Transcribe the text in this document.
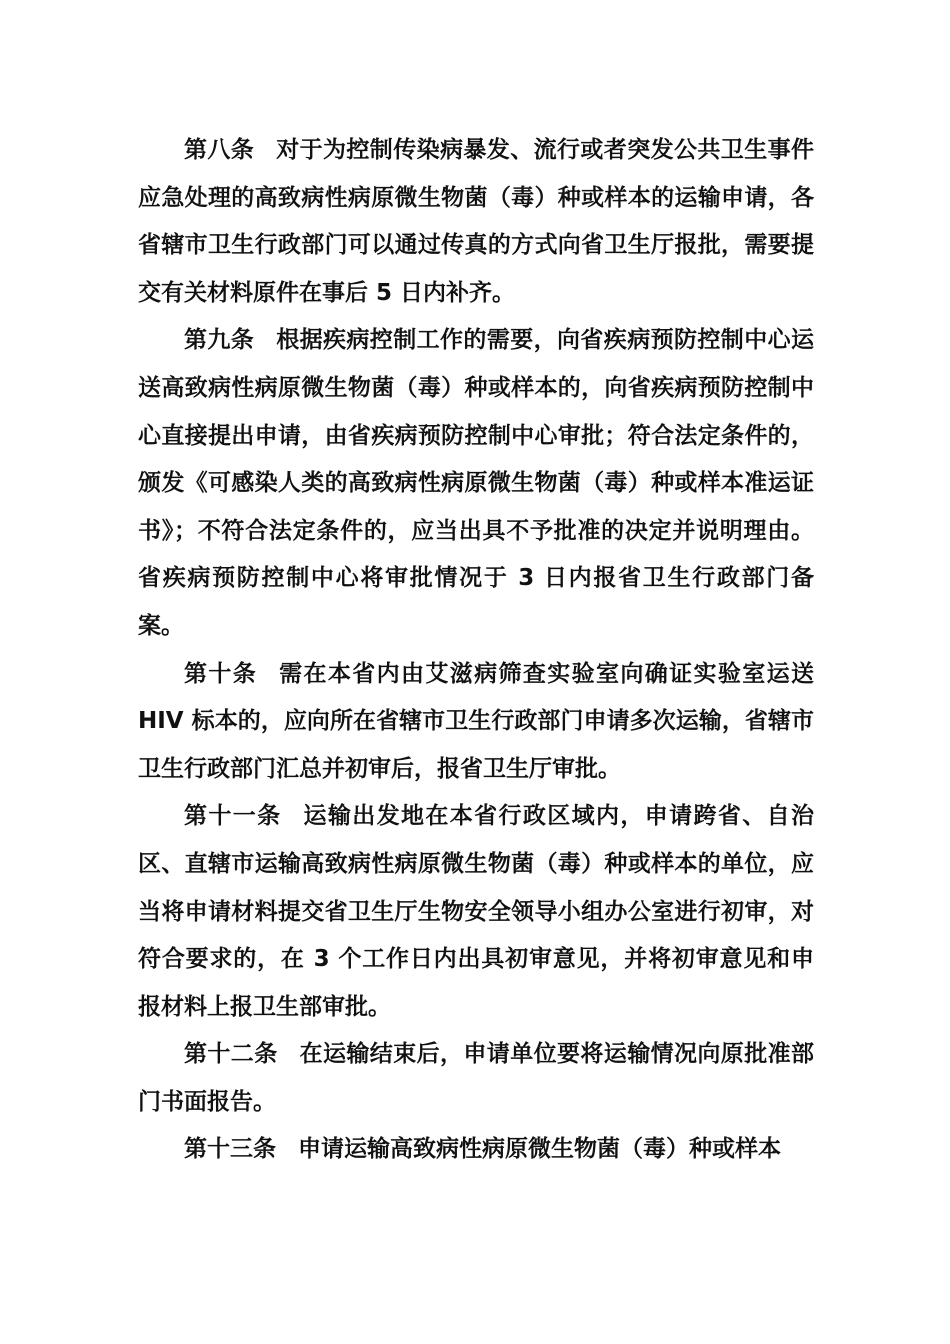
第八条 对于为控制传染病暴发、流行或者突发公共卫生事件应急处理的高致病性病原微生物菌（毒）种或样本的运输申请，各省辖市卫生行政部门可以通过传真的方式向省卫生厅报批，需要提交有关材料原件在事后 5 日内补齐。

第九条 根据疾病控制工作的需要，向省疾病预防控制中心运送高致病性病原微生物菌（毒）种或样本的，向省疾病预防控制中心直接提出申请，由省疾病预防控制中心审批；符合法定条件的，颁发《可感染人类的高致病性病原微生物菌（毒）种或样本准运证书》；不符合法定条件的，应当出具不予批准的决定并说明理由。省疾病预防控制中心将审批情况于 3 日内报省卫生行政部门备案。

第十条 需在本省内由艾滋病筛查实验室向确证实验室运送 HIV 标本的，应向所在省辖市卫生行政部门申请多次运输，省辖市卫生行政部门汇总并初审后，报省卫生厅审批。

第十一条 运输出发地在本省行政区域内，申请跨省、自治区、直辖市运输高致病性病原微生物菌（毒）种或样本的单位，应当将申请材料提交省卫生厅生物安全领导小组办公室进行初审，对符合要求的，在 3 个工作日内出具初审意见，并将初审意见和申报材料上报卫生部审批。

第十二条 在运输结束后，申请单位要将运输情况向原批准部门书面报告。

第十三条 申请运输高致病性病原微生物菌（毒）种或样本
